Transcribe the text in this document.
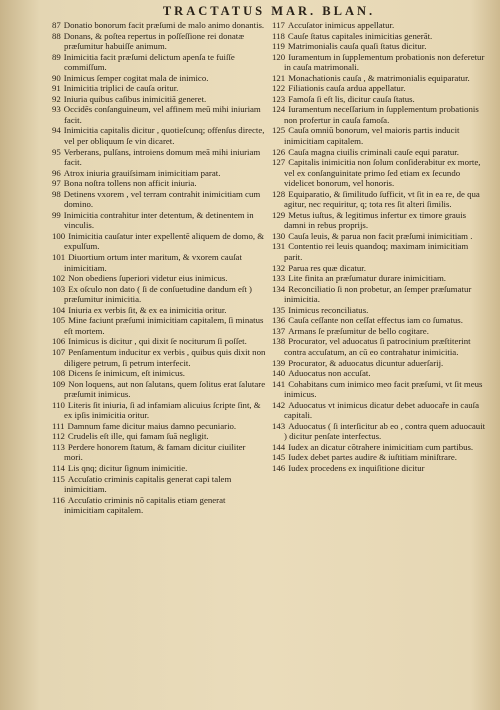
TRACTATUS MAR. BLAN.
87 Donatio bonorum facit præſumi de malo animo donantis.
88 Donans, & poſtea repertus in poſſeſſione rei donatæ præſumitur habuiſſe animum.
89 Inimicitia facit præſumi delictum apenſa te fuiſſe commiſſum.
90 Inimicus ſemper cogitat mala de inimico.
91 Inimicitia triplici de cauſa oritur.
92 Iniuria quibus caſibus inimicitiā generet.
93 Occidēs conſanguineum, vel affinem meū mihi iniuriam facit.
94 Inimicitia capitalis dicitur , quotieſcunq; offenſus directe, vel per obliquum ſe vin dicaret.
95 Verberans, pulſans, introiens domum meā mihi iniuriam facit.
96 Atrox iniuria grauiſsimam inimicitiam parat.
97 Bona noſtra tollens non afficit iniuria.
98 Detinens vxorem , vel terram contrahit inimicitiam cum domino.
99 Inimicitia contrahitur inter detentum, & detinentem in vinculis.
100 Inimicitia cauſatur inter expellentē aliquem de domo, & expulſum.
101 Diuortium ortum inter maritum, & vxorem cauſat inimicitiam.
102 Non obediens ſuperiori videtur eius inimicus.
103 Ex oſculo non dato ( ſi de conſuetudine dandum eſt ) præſumitur inimicitia.
104 Iniuria ex verbis ſit, & ex ea inimicitia oritur.
105 Mine faciunt præſumi inimicitiam capitalem, ſi minatus eſt mortem.
106 Inimicus is dicitur , qui dixit ſe nociturum ſi poſſet.
107 Penſamentum inducitur ex verbis , quibus quis dixit non diligere petrum, ſi petrum interfecit.
108 Dicens ſe inimicum, eſt inimicus.
109 Non loquens, aut non ſalutans, quem ſolitus erat ſalutare præſumit inimicus.
110 Literis ſit iniuria, ſi ad infamiam alicuius ſcripte ſint, & ex ipſis inimicitia oritur.
111 Damnum fame dicitur maius damno pecuniario.
112 Crudelis eſt ille, qui famam ſuā negligit.
113 Perdere honorem ſtatum, & famam dicitur ciuiliter mori.
114 Lis qnq; dicitur ſignum inimicitie.
115 Accuſatio criminis capitalis generat capi talem inimicitiam.
116 Accuſatio criminis nō capitalis etiam generat inimicitiam capitalem.
117 Accuſator inimicus appellatur.
118 Cauſe ſtatus capitales inimicitias generāt.
119 Matrimonialis cauſa quaſi ſtatus dicitur.
120 Iuramentum in ſupplementum probationis non deferetur in cauſa matrimonali.
121 Monachationis cauſa , & matrimonialis equiparatur.
122 Filiationis cauſa ardua appellatur.
123 Famoſa ſi eſt lis, dicitur cauſa ſtatus.
124 Iuramentum neceſſarium in ſupplementum probationis non profertur in cauſa famoſa.
125 Cauſa omniū bonorum, vel maioris partis inducit inimicitiam capitalem.
126 Cauſa magna ciuilis criminali cauſe equi paratur.
127 Capitalis inimicitia non ſolum conſiderabitur ex morte, vel ex conſanguinitate primo ſed etiam ex ſecundo videlicet bonorum, vel honoris.
128 Equiparatio, & ſimilitudo ſufficit, vt ſit in ea re, de qua agitur, nec requiritur, q; tota res ſit alteri ſimilis.
129 Metus iuſtus, & legitimus infertur ex timore grauis damni in rebus proprijs.
130 Cauſa leuis, & parua non facit præſumi inimicitiam .
131 Contentio rei leuis quandoq; maximam inimicitiam parit.
132 Parua res quæ dicatur.
133 Lite finita an præſumatur durare inimicitiam.
134 Reconciliatio ſi non probetur, an ſemper præſumatur inimicitia.
135 Inimicus reconciliatus.
136 Cauſa ceſſante non ceſſat effectus iam co ſumatus.
137 Armans ſe præſumitur de bello cogitare.
138 Procurator, vel aduocatus ſi patrocinium præſtiterint contra accuſatum, an cū eo contrahatur inimicitia.
139 Procurator, & aduocatus dicuntur aduerſarij.
140 Aduocatus non accuſat.
141 Cohabitans cum inimico meo facit præſumi, vt ſit meus inimicus.
142 Aduocatus vt inimicus dicatur debet aduocaře in cauſa capitali.
143 Aduocatus ( ſi interſicitur ab eo , contra quem aduocauit ) dicitur penſate interfectus.
144 Iudex an dicatur cōtrahere inimicitiam cum partibus.
145 Iudex debet partes audire & iuſtitiam miniſtrare.
146 Iudex procedens ex inquiſitione dicitur
